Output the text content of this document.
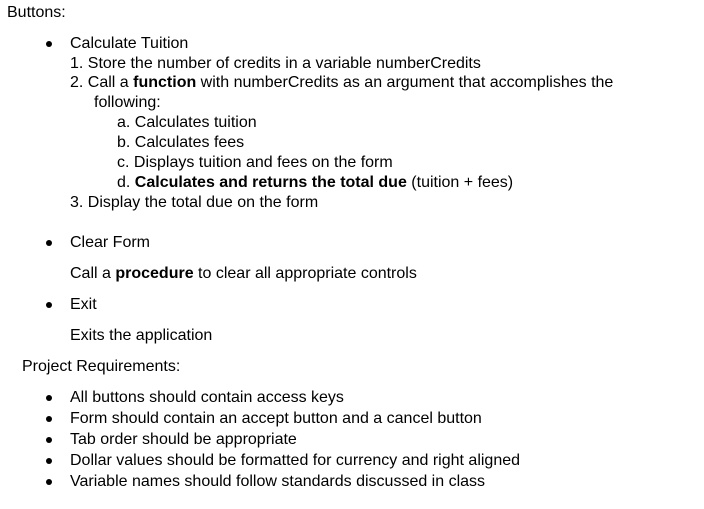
Buttons:
Calculate Tuition
1. Store the number of credits in a variable numberCredits
2. Call a function with numberCredits as an argument that accomplishes the
following:
a. Calculates tuition
b. Calculates fees
c. Displays tuition and fees on the form
d. Calculates and returns the total due (tuition + fees)
3. Display the total due on the form
Clear Form
Call a procedure to clear all appropriate controls
Exit
Exits the application
Project Requirements:
All buttons should contain access keys
Form should contain an accept button and a cancel button
Tab order should be appropriate
Dollar values should be formatted for currency and right aligned
Variable names should follow standards discussed in class
